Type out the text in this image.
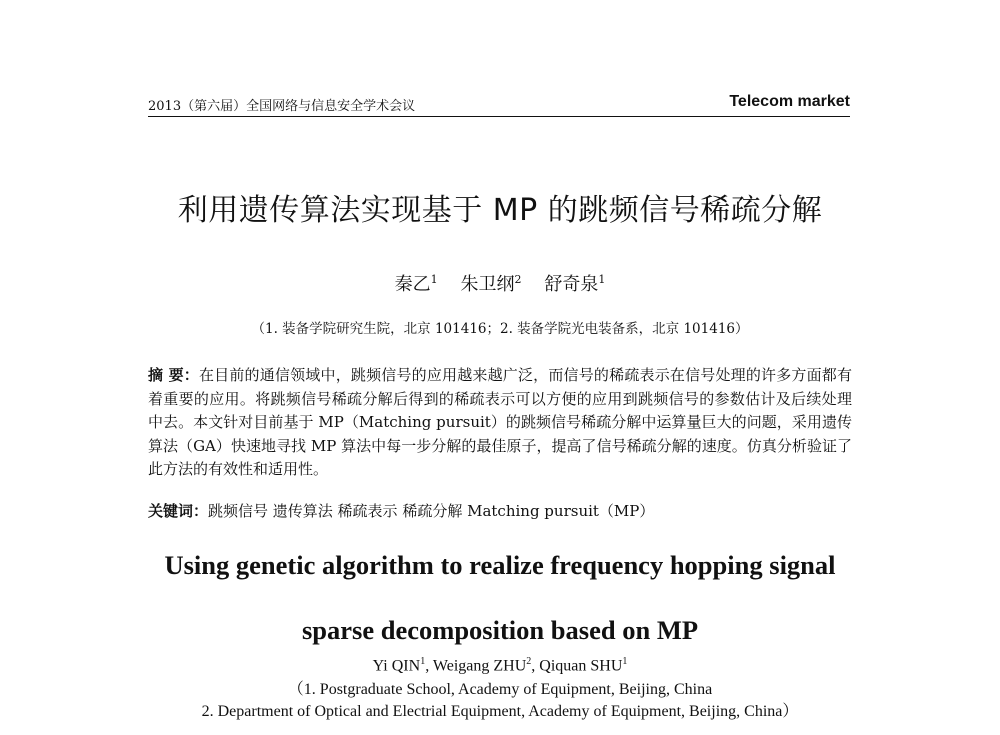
2013（第六届）全国网络与信息安全学术会议	Telecom market
利用遗传算法实现基于 MP 的跳频信号稀疏分解
秦乙$^1$ 朱卫纲$^2$ 舒奇泉$^1$
（1. 装备学院研究生院，北京 101416；2. 装备学院光电装备系，北京 101416）
摘 要：在目前的通信领域中，跳频信号的应用越来越广泛，而信号的稀疏表示在信号处理的许多方面都有着重要的应用。将跳频信号稀疏分解后得到的稀疏表示可以方便的应用到跳频信号的参数估计及后续处理中去。本文针对目前基于 MP（Matching pursuit）的跳频信号稀疏分解中运算量巨大的问题，采用遗传算法（GA）快速地寻找 MP 算法中每一步分解的最佳原子，提高了信号稀疏分解的速度。仿真分析验证了此方法的有效性和适用性。
关键词：跳频信号 遗传算法 稀疏表示 稀疏分解 Matching pursuit（MP）
Using genetic algorithm to realize frequency hopping signal
sparse decomposition based on MP
Yi QIN$^1$, Weigang ZHU$^2$, Qiquan SHU$^1$
（1. Postgraduate School, Academy of Equipment, Beijing, China
2. Department of Optical and Electrial Equipment, Academy of Equipment, Beijing, China）
